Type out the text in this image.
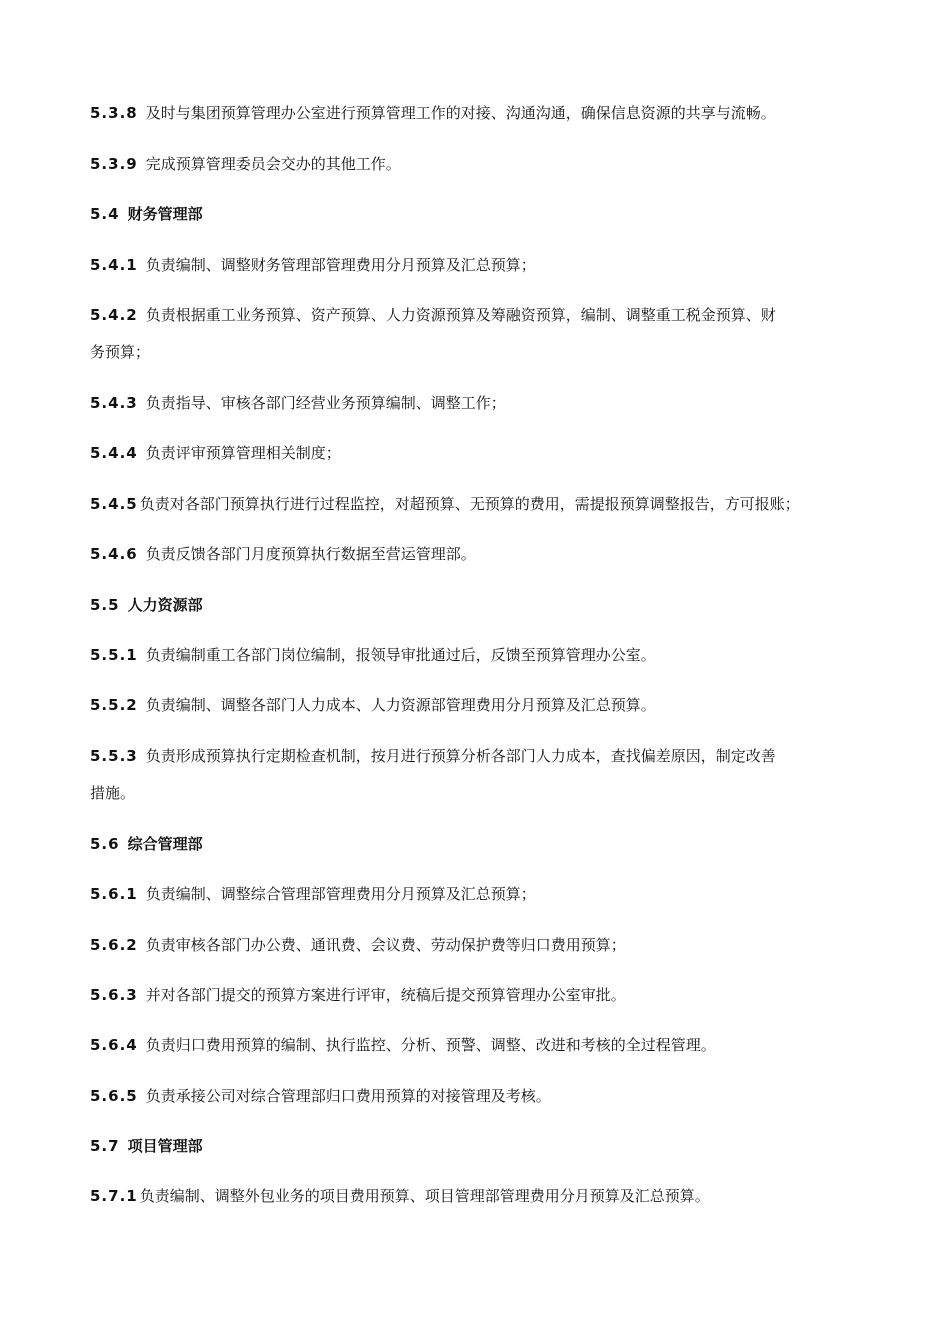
5.3.8 及时与集团预算管理办公室进行预算管理工作的对接、沟通沟通，确保信息资源的共享与流畅。
5.3.9 完成预算管理委员会交办的其他工作。
5.4 财务管理部
5.4.1 负责编制、调整财务管理部管理费用分月预算及汇总预算；
5.4.2 负责根据重工业务预算、资产预算、人力资源预算及筹融资预算，编制、调整重工税金预算、财
务预算；
5.4.3 负责指导、审核各部门经营业务预算编制、调整工作；
5.4.4 负责评审预算管理相关制度；
5.4.5 负责对各部门预算执行进行过程监控，对超预算、无预算的费用，需提报预算调整报告，方可报账；
5.4.6 负责反馈各部门月度预算执行数据至营运管理部。
5.5 人力资源部
5.5.1 负责编制重工各部门岗位编制，报领导审批通过后，反馈至预算管理办公室。
5.5.2 负责编制、调整各部门人力成本、人力资源部管理费用分月预算及汇总预算。
5.5.3 负责形成预算执行定期检查机制，按月进行预算分析各部门人力成本，查找偏差原因，制定改善
措施。
5.6 综合管理部
5.6.1 负责编制、调整综合管理部管理费用分月预算及汇总预算；
5.6.2 负责审核各部门办公费、通讯费、会议费、劳动保护费等归口费用预算；
5.6.3 并对各部门提交的预算方案进行评审，统稿后提交预算管理办公室审批。
5.6.4 负责归口费用预算的编制、执行监控、分析、预警、调整、改进和考核的全过程管理。
5.6.5 负责承接公司对综合管理部归口费用预算的对接管理及考核。
5.7 项目管理部
5.7.1 负责编制、调整外包业务的项目费用预算、项目管理部管理费用分月预算及汇总预算。
